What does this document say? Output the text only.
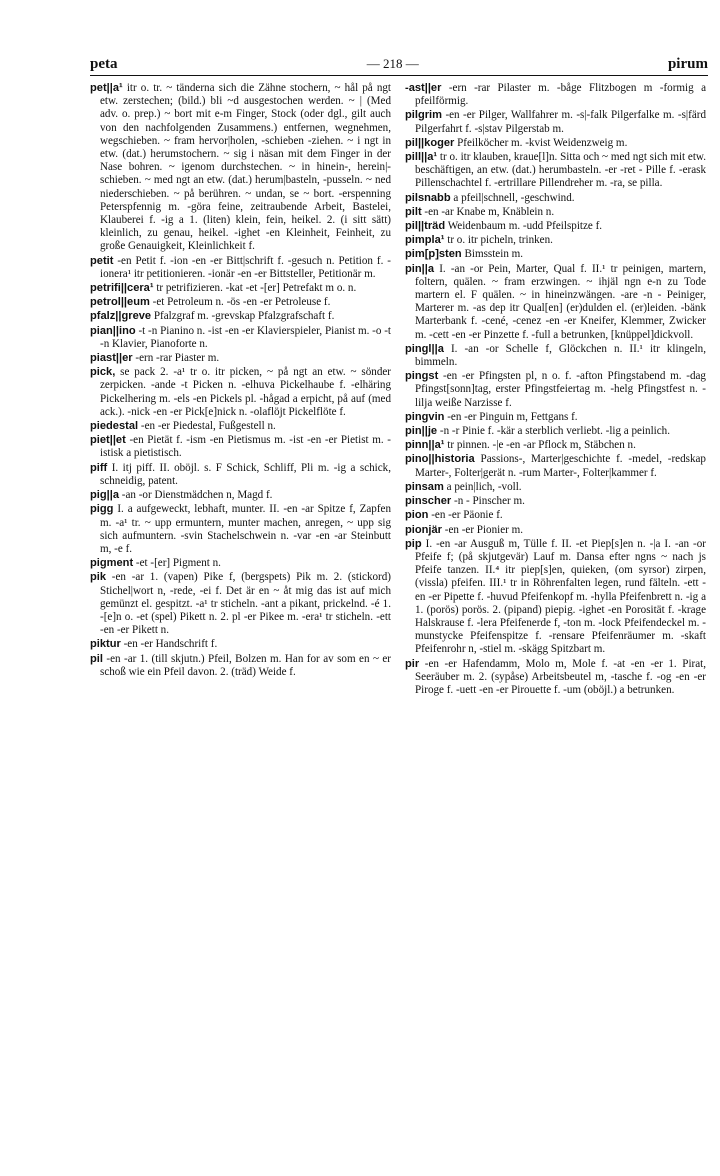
peta	— 218 —	pirum

pet||a¹ itr o. tr. ~ tänderna sich die Zähne stochern, ~ hål på ngt etw. zerstechen; (bild.) bli ~d ausgestochen werden. ~ | (Med adv. o. prep.) ~ bort mit e-m Finger, Stock (oder dgl., gilt auch von den nachfolgenden Zusammens.) entfernen, wegnehmen, wegschieben. ~ fram hervor|holen, -schieben -ziehen. ~ i ngt in etw. (dat.) herumstochern. ~ sig i näsan mit dem Finger in der Nase bohren. ~ igenom durchstechen. ~ in hinein-, herein|-schieben. ~ med ngt an etw. (dat.) herum|basteln, -pusseln. ~ ned niederschieben. ~ på berühren. ~ undan, se ~ bort. -erspenning Peterspfennig m. -göra feine, zeitraubende Arbeit, Bastelei, Klauberei f. -ig a 1. (liten) klein, fein, heikel. 2. (i sitt sätt) kleinlich, zu genau, heikel. -ighet -en Kleinheit, Feinheit, zu große Genauigkeit, Kleinlichkeit f.

petit -en Petit f. -ion -en -er Bitt|schrift f. -gesuch n. Petition f. -ionera¹ itr petitionieren. -ionär -en -er Bittsteller, Petitionär m.

petrifi||cera¹ tr petrifizieren. -kat -et -[er] Petrefakt m o. n.

petrol||eum -et Petroleum n. -ös -en -er Petroleuse f.

pfalz||greve Pfalzgraf m. -grevskap Pfalzgrafschaft f.

pian||ino -t -n Pianino n. -ist -en -er Klavierspieler, Pianist m. -o -t -n Klavier, Pianoforte n.

piast||er -ern -rar Piaster m.

pick, se pack 2. -a¹ tr o. itr picken, ~ på ngt an etw. ~ sönder zerpicken. -ande -t Picken n. -elhuva Pickelhaube f. -elhäring Pickelhering m. -els -en Pickels pl. -hågad a erpicht, på auf (med ack.). -nick -en -er Pick[e]nick n. -olaflöjt Pickelflöte f.

piedestal -en -er Piedestal, Fußgestell n.

piet||et -en Pietät f. -ism -en Pietismus m. -ist -en -er Pietist m. -istisk a pietistisch.

piff I. itj piff. II. oböjl. s. F Schick, Schliff, Pli m. -ig a schick, schneidig, patent.

pig||a -an -or Dienstmädchen n, Magd f.

pigg I. a aufgeweckt, lebhaft, munter. II. -en -ar Spitze f, Zapfen m. -a¹ tr. ~ upp ermuntern, munter machen, anregen, ~ upp sig sich aufmuntern. -svin Stachelschwein n. -var -en -ar Steinbutt m, -e f.

pigment -et -[er] Pigment n.

pik -en -ar 1. (vapen) Pike f, (bergspets) Pik m. 2. (stickord) Stichel|wort n, -rede, -ei f. Det är en ~ åt mig das ist auf mich gemünzt el. gespitzt. -a¹ tr sticheln. -ant a pikant, prickelnd. -é 1. -[e]n o. -et (spel) Pikett n. 2. pl -er Pikee m. -era¹ tr sticheln. -ett -en -er Pikett n.

piktur -en -er Handschrift f.

pil -en -ar 1. (till skjutn.) Pfeil, Bolzen m. Han for av som en ~ er schoß wie ein Pfeil davon. 2. (träd) Weide f.

-ast||er -ern -rar Pilaster m. -båge Flitzbogen m -formig a pfeilförmig.

pilgrim -en -er Pilger, Wallfahrer m. -s|-falk Pilgerfalke m. -s|färd Pilgerfahrt f. -s|stav Pilgerstab m.

pil||koger Pfeilköcher m. -kvist Weidenzweig m.

pill||a¹ tr o. itr klauben, kraue[l]n. Sitta och ~ med ngt sich mit etw. beschäftigen, an etw. (dat.) herumbasteln. -er -ret - Pille f. -erask Pillenschachtel f. -ertrillare Pillendreher m. -ra, se pilla.

pilsnabb a pfeil|schnell, -geschwind.

pilt -en -ar Knabe m, Knäblein n.

pil||träd Weidenbaum m. -udd Pfeilspitze f.

pimpla¹ tr o. itr picheln, trinken.

pim[p]sten Bimsstein m.

pin||a I. -an -or Pein, Marter, Qual f. II.¹ tr peinigen, martern, foltern, quälen. ~ fram erzwingen. ~ ihjäl ngn e-n zu Tode martern el. F quälen. ~ in hineinzwängen. -are -n - Peiniger, Marterer m. -as dep itr Qual[en] (er)dulden el. (er)leiden. -bänk Marterbank f. -cené, -cenez -en -er Kneifer, Klemmer, Zwicker m. -cett -en -er Pinzette f. -full a betrunken, [knüppel]dickvoll.

pingl||a I. -an -or Schelle f, Glöckchen n. II.¹ itr klingeln, bimmeln.

pingst -en -er Pfingsten pl, n o. f. -afton Pfingstabend m. -dag Pfingst[sonn]tag, erster Pfingstfeiertag m. -helg Pfingstfest n. -lilja weiße Narzisse f.

pingvin -en -er Pinguin m, Fettgans f.

pin||je -n -r Pinie f. -kär a sterblich verliebt. -lig a peinlich.

pinn||a¹ tr pinnen. -|e -en -ar Pflock m, Stäbchen n.

pino||historia Passions-, Marter|geschichte f. -medel, -redskap Marter-, Folter|gerät n. -rum Marter-, Folter|kammer f.

pinsam a pein|lich, -voll.

pinscher -n - Pinscher m.

pion -en -er Päonie f.

pionjär -en -er Pionier m.

pip I. -en -ar Ausguß m, Tülle f. II. -et Piep[s]en n. -|a I. -an -or Pfeife f; (på skjutgevär) Lauf m. Dansa efter ngns ~ nach js Pfeife tanzen. II.⁴ itr piep[s]en, quieken, (om syrsor) zirpen, (vissla) pfeifen. III.¹ tr in Röhrenfalten legen, rund fälteln. -ett -en -er Pipette f. -huvud Pfeifenkopf m. -hylla Pfeifenbrett n. -ig a 1. (porös) porös. 2. (pipand) piepig. -ighet -en Porosität f. -krage Halskrause f. -lera Pfeifenerde f, -ton m. -lock Pfeifendeckel m. -munstycke Pfeifenspitze f. -rensare Pfeifenräumer m. -skaft Pfeifenrohr n, -stiel m. -skägg Spitzbart m.

pir -en -er Hafendamm, Molo m, Mole f. -at -en -er 1. Pirat, Seeräuber m. 2. (sypåse) Arbeitsbeutel m, -tasche f. -og -en -er Piroge f. -uett -en -er Pirouette f. -um (oböjl.) a betrunken.
